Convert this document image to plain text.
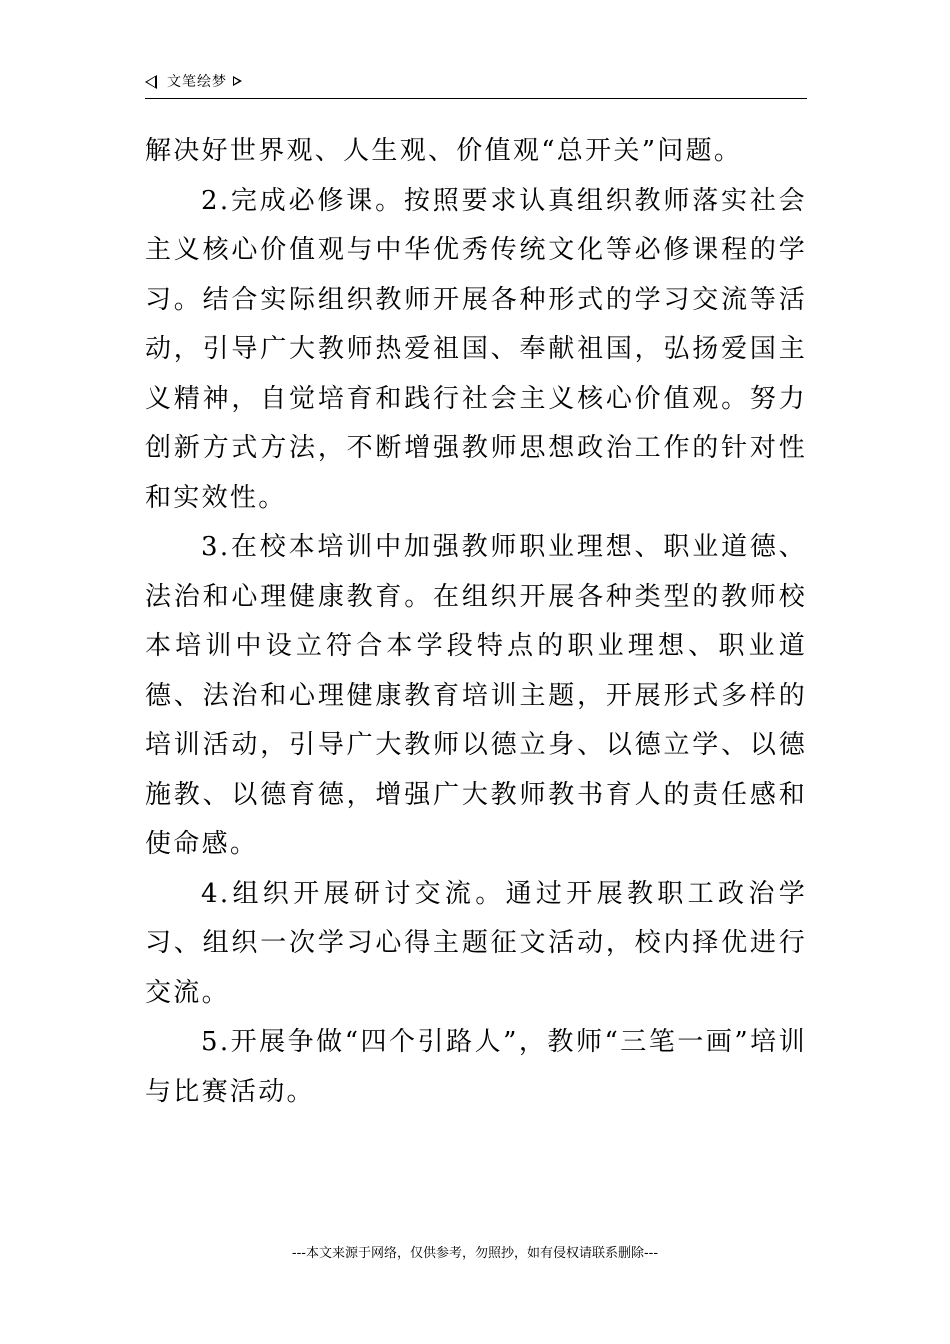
文笔绘梦

解决好世界观、人生观、价值观“总开关”问题。

2.完成必修课。按照要求认真组织教师落实社会主义核心价值观与中华优秀传统文化等必修课程的学习。结合实际组织教师开展各种形式的学习交流等活动，引导广大教师热爱祖国、奉献祖国，弘扬爱国主义精神，自觉培育和践行社会主义核心价值观。努力创新方式方法，不断增强教师思想政治工作的针对性和实效性。

3.在校本培训中加强教师职业理想、职业道德、法治和心理健康教育。在组织开展各种类型的教师校本培训中设立符合本学段特点的职业理想、职业道德、法治和心理健康教育培训主题，开展形式多样的培训活动，引导广大教师以德立身、以德立学、以德施教、以德育德，增强广大教师教书育人的责任感和使命感。

4.组织开展研讨交流。通过开展教职工政治学习、组织一次学习心得主题征文活动，校内择优进行交流。

5.开展争做“四个引路人”，教师“三笔一画”培训与比赛活动。

---本文来源于网络，仅供参考，勿照抄，如有侵权请联系删除---
